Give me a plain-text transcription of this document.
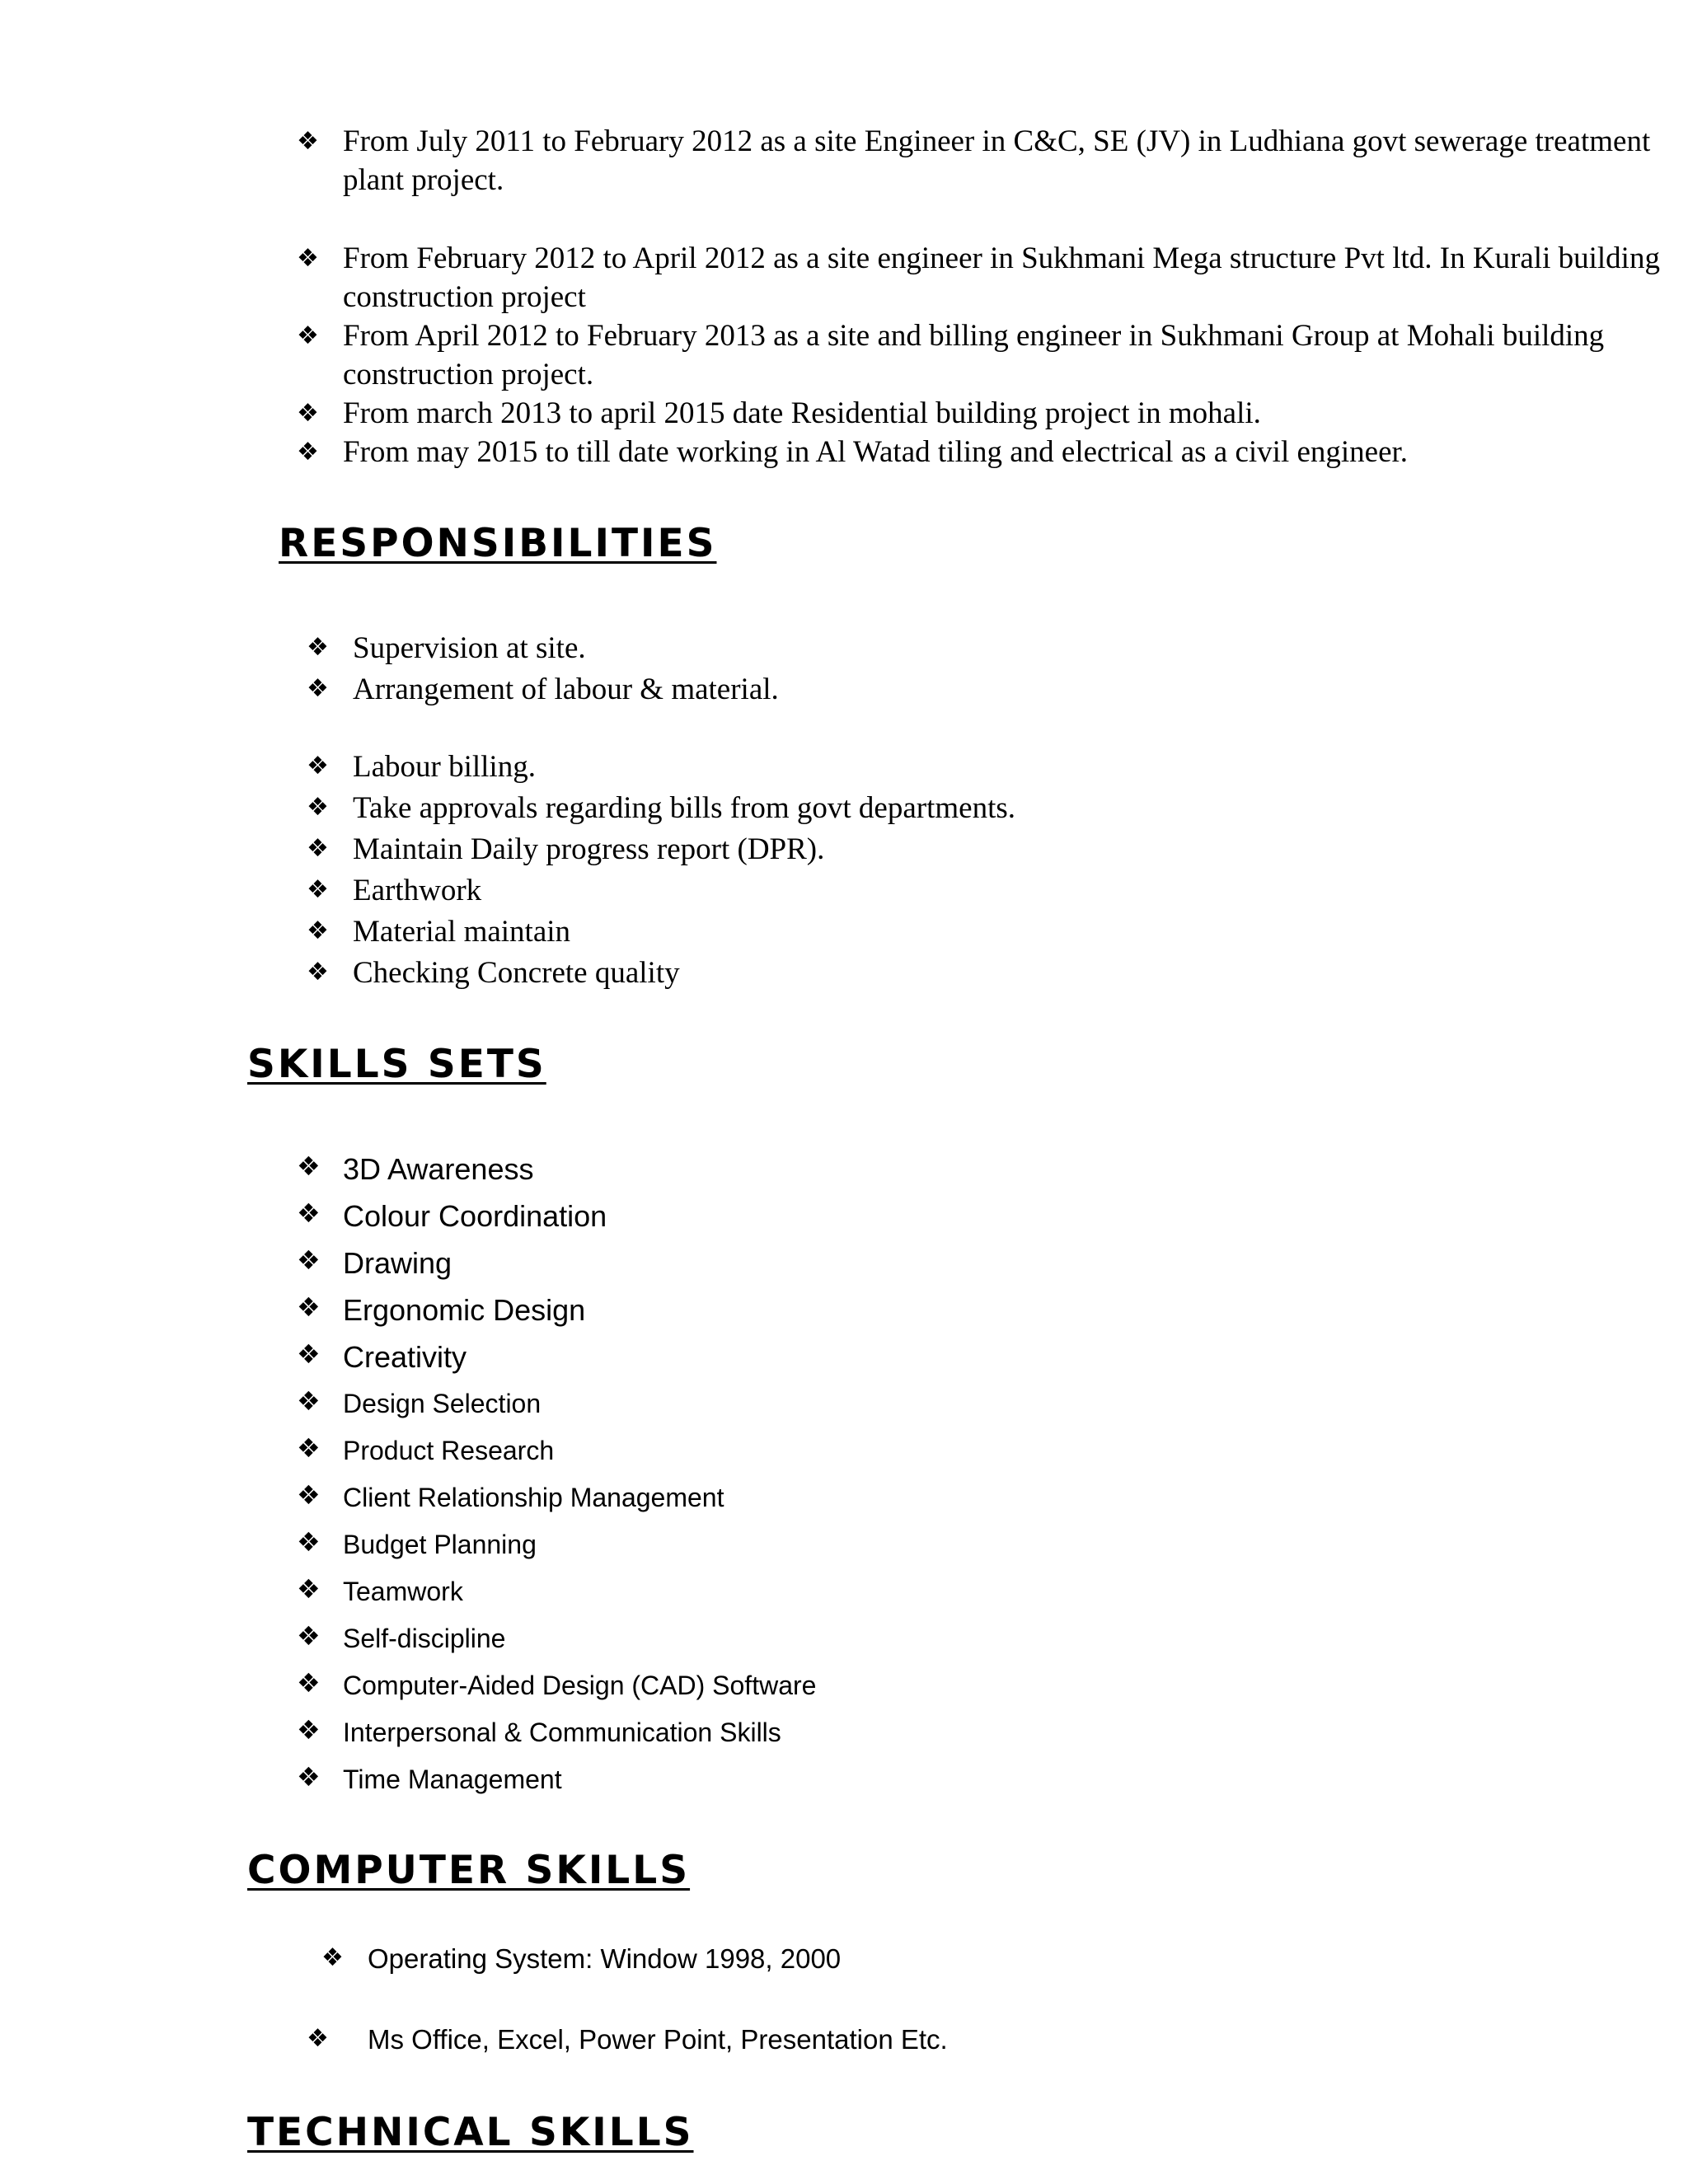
❖ From July 2011 to February 2012 as a site Engineer in C&C, SE (JV) in Ludhiana govt sewerage treatment plant project.
❖ From February 2012 to April 2012 as a site engineer in Sukhmani Mega structure Pvt ltd. In Kurali building construction project
❖ From April 2012 to February 2013 as a site and billing engineer in Sukhmani Group at Mohali building construction project.
❖ From march 2013 to april 2015 date Residential building project in mohali.
❖ From may 2015 to till date working in Al Watad tiling and electrical as a civil engineer.
RESPONSIBILITIES
❖ Supervision at site.
❖ Arrangement of labour & material.
❖ Labour billing.
❖ Take approvals regarding bills from govt departments.
❖ Maintain Daily progress report (DPR).
❖ Earthwork
❖ Material maintain
❖ Checking Concrete quality
SKILLS SETS
❖ 3D Awareness
❖ Colour Coordination
❖ Drawing
❖ Ergonomic Design
❖ Creativity
❖ Design Selection
❖ Product Research
❖ Client Relationship Management
❖ Budget Planning
❖ Teamwork
❖ Self-discipline
❖ Computer-Aided Design (CAD) Software
❖ Interpersonal & Communication Skills
❖ Time Management
COMPUTER SKILLS
❖ Operating System: Window 1998, 2000
❖ Ms Office, Excel, Power Point, Presentation Etc.
TECHNICAL SKILLS
